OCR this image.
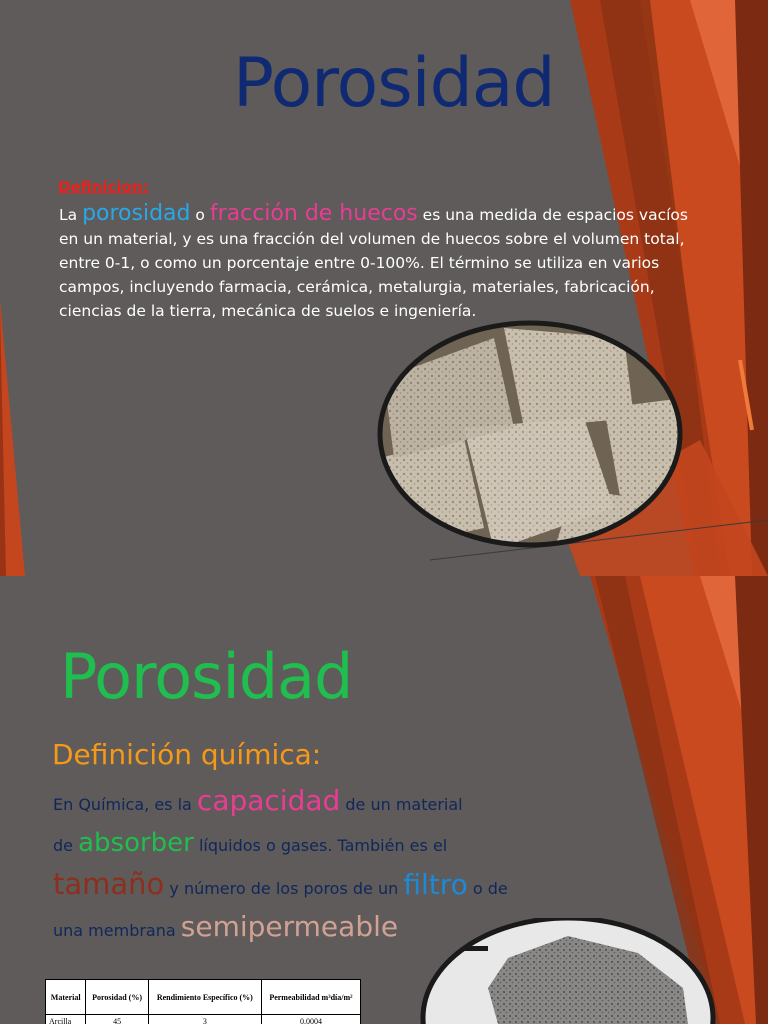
Porosidad
Definicion:
La porosidad o fracción de huecos es una medida de espacios vacíos en un material, y es una fracción del volumen de huecos sobre el volumen total, entre 0-1, o como un porcentaje entre 0-100%. El término se utiliza en varios campos, incluyendo farmacia, cerámica, metalurgia, materiales, fabricación, ciencias de la tierra, mecánica de suelos e ingeniería.
Porosidad
Definición química:
En Química, es la capacidad de un material
de absorber líquidos o gases. También es el
tamaño y número de los poros de un filtro o de
una membrana semipermeable
Material	Porosidad (%)	Rendimiento Específico (%)	Permeabilidad m³día/m²
Arcilla	45	3	0.0004
